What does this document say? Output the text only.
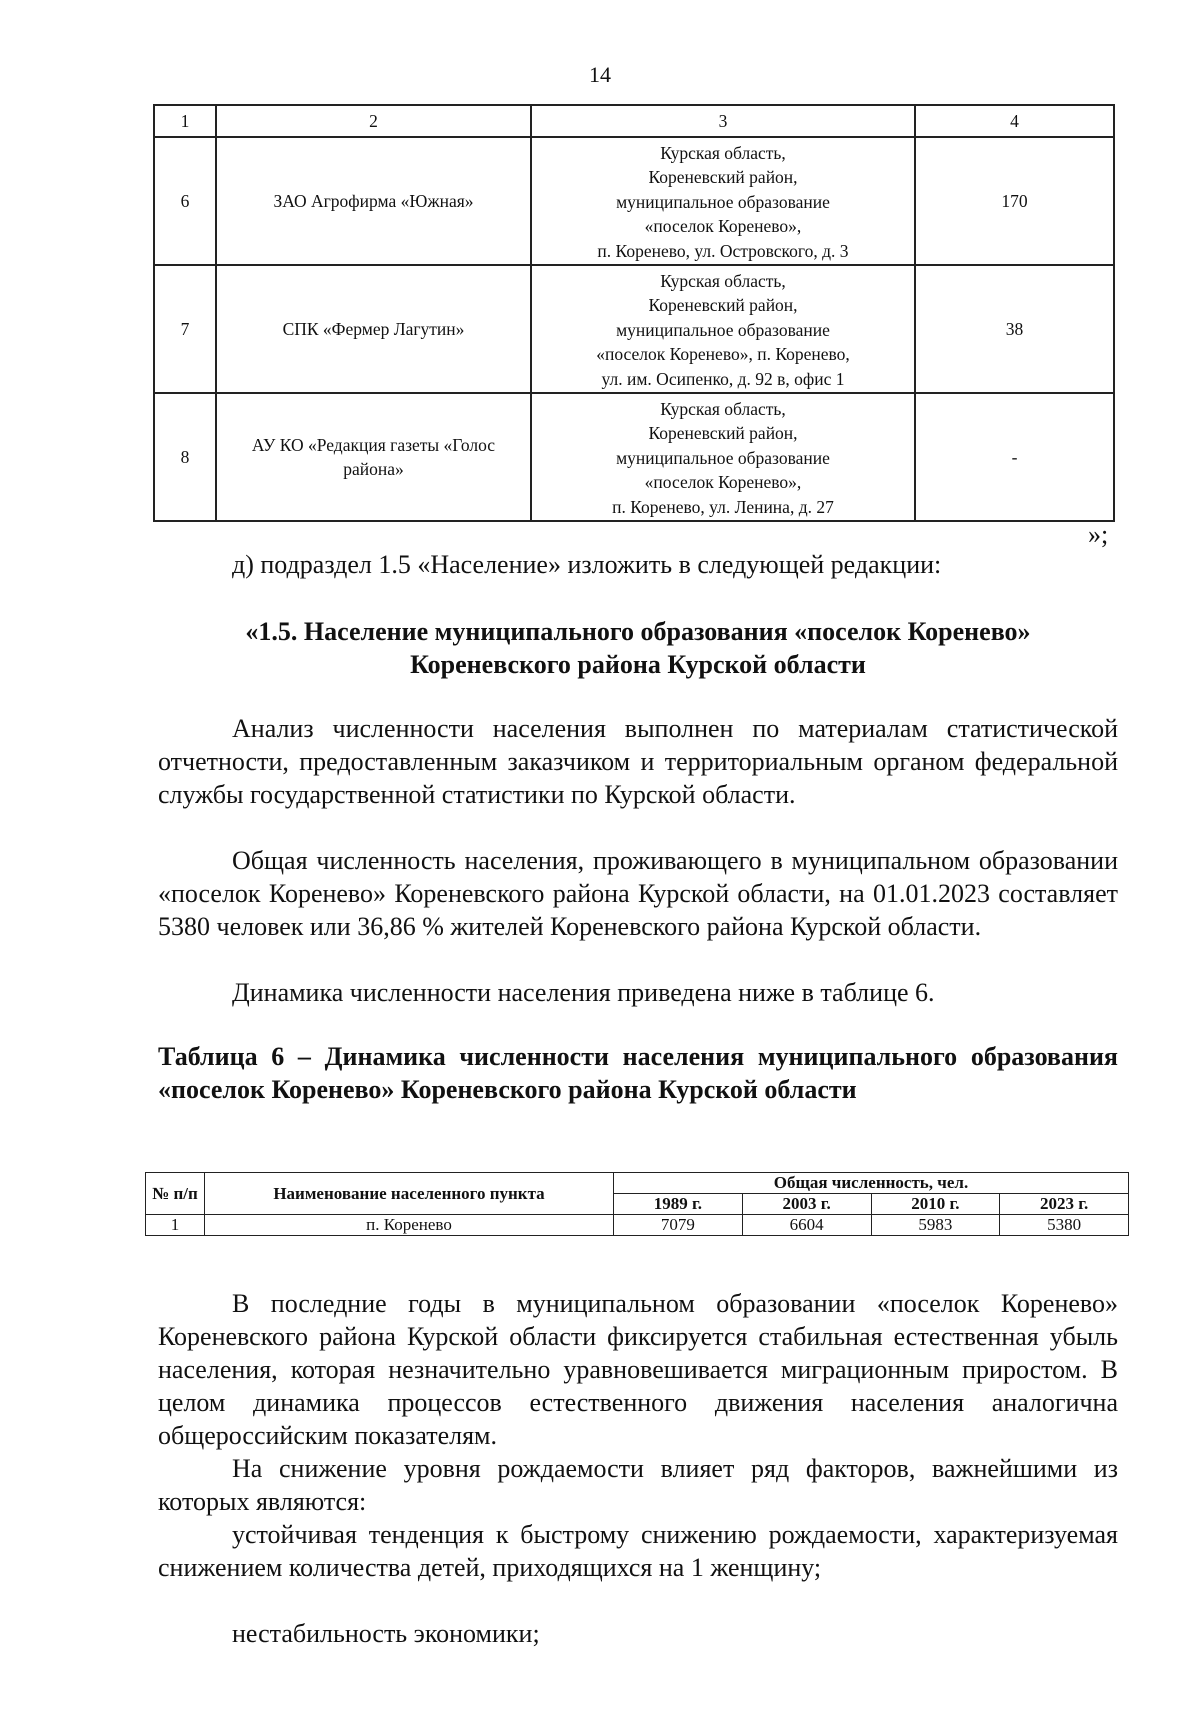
14
1	2	3	4
6	ЗАО Агрофирма «Южная»	Курская область,
Кореневский район,
муниципальное образование
«поселок Коренево»,
п. Коренево, ул. Островского, д. 3	170
7	СПК «Фермер Лагутин»	Курская область,
Кореневский район,
муниципальное образование
«поселок Коренево», п. Коренево,
ул. им. Осипенко, д. 92 в, офис 1	38
8	АУ КО «Редакция газеты «Голос района»	Курская область,
Кореневский район,
муниципальное образование
«поселок Коренево»,
п. Коренево, ул. Ленина, д. 27	-
»;
д) подраздел 1.5 «Население» изложить в следующей редакции:
«1.5. Население муниципального образования «поселок Коренево»
Кореневского района Курской области
Анализ численности населения выполнен по материалам статистической отчетности, предоставленным заказчиком и территориальным органом федеральной службы государственной статистики по Курской области.
Общая численность населения, проживающего в муниципальном образовании «поселок Коренево» Кореневского района Курской области, на 01.01.2023 составляет 5380 человек или 36,86 % жителей Кореневского района Курской области.
Динамика численности населения приведена ниже в таблице 6.
Таблица 6 – Динамика численности населения муниципального образования «поселок Коренево» Кореневского района Курской области
№ п/п	Наименование населенного пункта	Общая численность, чел.			
		1989 г.	2003 г.	2010 г.	2023 г.
1	п. Коренево	7079	6604	5983	5380
В последние годы в муниципальном образовании «поселок Коренево» Кореневского района Курской области фиксируется стабильная естественная убыль населения, которая незначительно уравновешивается миграционным приростом. В целом динамика процессов естественного движения населения аналогична общероссийским показателям.
На снижение уровня рождаемости влияет ряд факторов, важнейшими из которых являются:
устойчивая тенденция к быстрому снижению рождаемости, характеризуемая снижением количества детей, приходящихся на 1 женщину;
нестабильность экономики;
